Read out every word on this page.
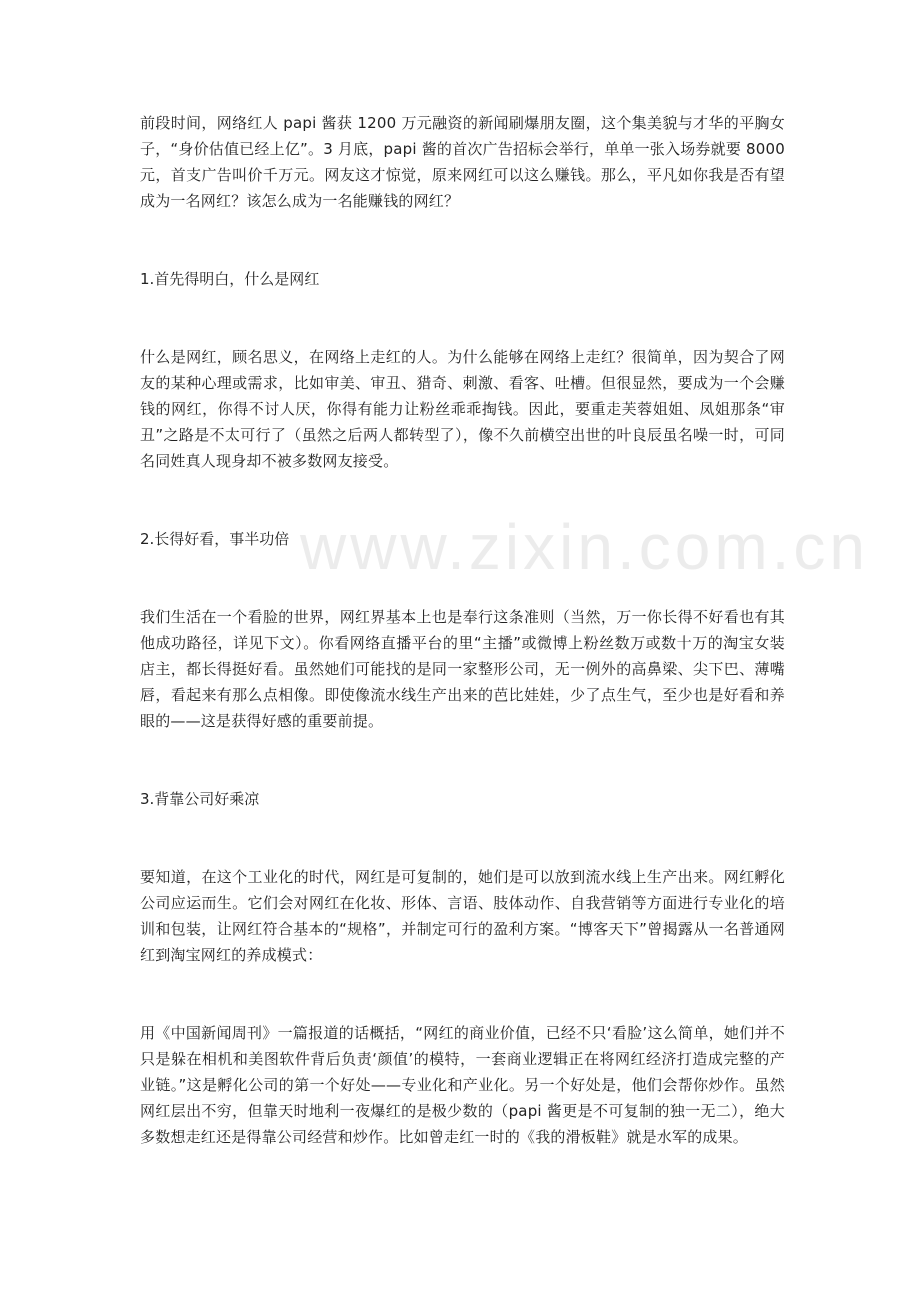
www.zixin.com.cn

前段时间，网络红人 papi 酱获 1200 万元融资的新闻刷爆朋友圈，这个集美貌与才华的平胸女子，“身价估值已经上亿”。3 月底，papi 酱的首次广告招标会举行，单单一张入场券就要 8000 元，首支广告叫价千万元。网友这才惊觉，原来网红可以这么赚钱。那么，平凡如你我是否有望成为一名网红？该怎么成为一名能赚钱的网红？

1.首先得明白，什么是网红

什么是网红，顾名思义，在网络上走红的人。为什么能够在网络上走红？很简单，因为契合了网友的某种心理或需求，比如审美、审丑、猎奇、刺激、看客、吐槽。但很显然，要成为一个会赚钱的网红，你得不讨人厌，你得有能力让粉丝乖乖掏钱。因此，要重走芙蓉姐姐、凤姐那条“审丑”之路是不太可行了（虽然之后两人都转型了），像不久前横空出世的叶良辰虽名噪一时，可同名同姓真人现身却不被多数网友接受。

2.长得好看，事半功倍

我们生活在一个看脸的世界，网红界基本上也是奉行这条准则（当然，万一你长得不好看也有其他成功路径，详见下文）。你看网络直播平台的里“主播”或微博上粉丝数万或数十万的淘宝女装店主，都长得挺好看。虽然她们可能找的是同一家整形公司，无一例外的高鼻梁、尖下巴、薄嘴唇，看起来有那么点相像。即使像流水线生产出来的芭比娃娃，少了点生气，至少也是好看和养眼的——这是获得好感的重要前提。

3.背靠公司好乘凉

要知道，在这个工业化的时代，网红是可复制的，她们是可以放到流水线上生产出来。网红孵化公司应运而生。它们会对网红在化妆、形体、言语、肢体动作、自我营销等方面进行专业化的培训和包装，让网红符合基本的“规格”，并制定可行的盈利方案。“博客天下”曾揭露从一名普通网红到淘宝网红的养成模式：

用《中国新闻周刊》一篇报道的话概括，“网红的商业价值，已经不只‘看脸’这么简单，她们并不只是躲在相机和美图软件背后负责‘颜值’的模特，一套商业逻辑正在将网红经济打造成完整的产业链。”这是孵化公司的第一个好处——专业化和产业化。另一个好处是，他们会帮你炒作。虽然网红层出不穷，但靠天时地利一夜爆红的是极少数的（papi 酱更是不可复制的独一无二），绝大多数想走红还是得靠公司经营和炒作。比如曾走红一时的《我的滑板鞋》就是水军的成果。
